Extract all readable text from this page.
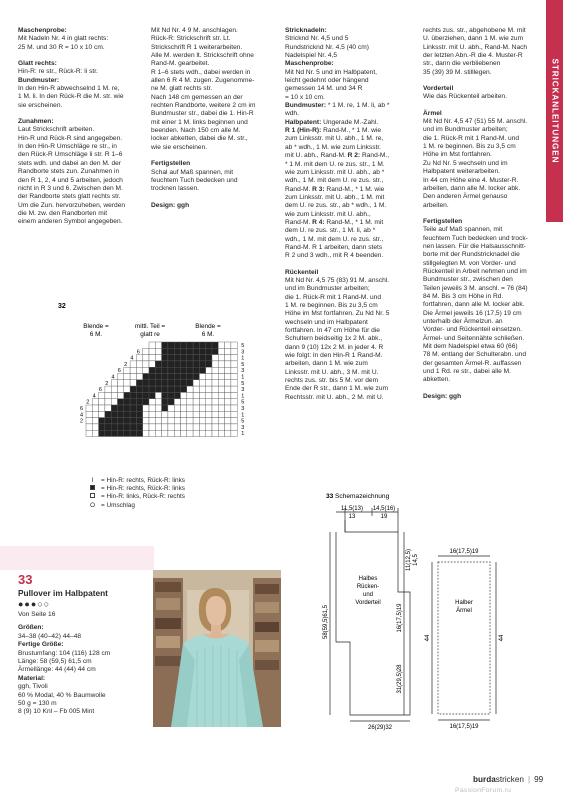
STRICKANLEITUNGEN

Maschenprobe:

Mit Nadeln Nr. 4 in glatt rechts:

25 M. und 30 R = 10 x 10 cm.

Glatt rechts:

Hin-R: re str., Rück-R: li str.

Bundmuster:

In den Hin-R abwechselnd 1 M. re,

1 M. li. In den Rück-R die M. str. wie

sie erscheinen.

Zunahmen:

Laut Strickschrift arbeiten.

Hin-R und Rück-R sind angegeben.

In den Hin-R Umschläge re str., in

den Rück-R Umschläge li str. R 1–6

stets wdh. und dabei an den M. der

Randborte stets zun. Zunahmen in

den R 1, 2, 4 und 5 arbeiten, jedoch

nicht in R 3 und 6. Zwischen den M.

der Randborte stets glatt rechts str.

Um die Zun. hervorzuheben, werden

die M. zw. den Randborten mit

einem anderen Symbol angegeben.

Mit Nd Nr. 4 9 M. anschlagen.

Rück-R: Strickschrift str. Lt.

Strickschrift R 1 weiterarbeiten.

Alle M. werden lt. Strickschrift ohne

Rand-M. gearbeitet.

R 1–6 stets wdh., dabei werden in

allen 6 R 4 M. zugen. Zugenomme-

ne M. glatt rechts str.

Nach 148 cm gemessen an der

rechten Randborte, weitere 2 cm im

Bundmuster str., dabei die 1. Hin-R

mit einer 1 M. links beginnen und

beenden. Nach 150 cm alle M.

locker abketten, dabei die M. str.,

wie sie erscheinen.

Fertigstellen

Schal auf Maß spannen, mit

feuchtem Tuch bedecken und

trocknen lassen.

Design: ggh

Stricknadeln:

Stricknd Nr. 4,5 und 5

Rundstricknd Nr. 4,5 (40 cm)

Nadelspiel Nr. 4,5

Maschenprobe:

Mit Nd Nr. 5 und im Halbpatent,

leicht gedehnt oder hängend

gemessen 14 M. und 34 R

= 10 x 10 cm.

Bundmuster: * 1 M. re, 1 M. li, ab *

wdh.

Halbpatent: Ungerade M.-Zahl.

R 1 (Hin-R): Rand-M., * 1 M. wie

zum Linksstr. mit U. abh., 1 M. re,

ab * wdh., 1 M. wie zum Linksstr.

mit U. abh., Rand-M. R 2: Rand-M.,

* 1 M. mit dem U. re zus. str., 1 M.

wie zum Linksstr. mit U. abh., ab *

wdh., 1 M. mit dem U. re zus. str.,

Rand-M. R 3: Rand-M., * 1 M. wie

zum Linksstr. mit U. abh., 1 M. mit

dem U. re zus. str., ab * wdh., 1 M.

wie zum Linksstr. mit U. abh.,

Rand-M. R 4: Rand-M., * 1 M. mit

dem U. re zus. str., 1 M. li, ab *

wdh., 1 M. mit dem U. re zus. str.,

Rand-M. R 1 arbeiten, dann stets

R 2 und 3 wdh., mit R 4 beenden.

Rückenteil

Mit Nd Nr. 4,5 75 (83) 91 M. anschl.

und im Bundmuster arbeiten;

die 1. Rück-R mit 1 Rand-M. und

1 M. re beginnen. Bis zu 3,5 cm

Höhe im Mst fortfahren. Zu Nd Nr. 5

wechseln und im Halbpatent

fortfahren. In 47 cm Höhe für die

Schultern beidseitig 1x 2 M. abk.,

dann 9 (10) 12x 2 M. in jeder 4. R

wie folgt: In den Hin-R 1 Rand-M.

arbeiten, dann 1 M. wie zum

Linksstr. mit U. abh., 3 M. mit U.

rechts zus. str. bis 5 M. vor dem

Ende der R str., dann 1 M. wie zum

Rechtsstr. mit U. abh., 2 M. mit U.

rechts zus. str., abgehobene M. mit

U. überziehen, dann 1 M. wie zum

Linksstr. mit U. abh., Rand-M. Nach

der letzten Abn.-R die 4. Muster-R

str., dann die verbliebenen

35 (39) 39 M. stilllegen.

Vorderteil

Wie das Rückenteil arbeiten.

Ärmel

Mit Nd Nr. 4,5 47 (51) 55 M. anschl.

und im Bundmuster arbeiten;

die 1. Rück-R mit 1 Rand-M. und

1 M. re beginnen. Bis zu 3,5 cm

Höhe im Mst fortfahren.

Zu Nd Nr. 5 wechseln und im

Halbpatent weiterarbeiten.

In 44 cm Höhe eine 4. Muster-R.

arbeiten, dann alle M. locker abk.

Den anderen Ärmel genauso

arbeiten.

Fertigstellen

Teile auf Maß spannen, mit

feuchtem Tuch bedecken und trock-

nen lassen. Für die Halsausschnitt-

borte mit der Rundstricknadel die

stillgelegten M. von Vorder- und

Rückenteil in Arbeit nehmen und im

Bundmuster str., zwischen den

Teilen jeweils 3 M. anschl. = 76 (84)

84 M. Bis 3 cm Höhe in Rd.

fortfahren, dann alle M. locker abk.

Die Ärmel jeweils 16 (17,5) 19 cm

unterhalb der Ärmelzun. an

Vorder- und Rückenteil einsetzen.

Ärmel- und Seitennähte schließen.

Mit dem Nadelspiel etwa 60 (66)

78 M. entlang der Schulterabn. und

der gesamten Ärmel-R. auffassen

und 1 Rd. re str., dabei alle M.

abketten.

Design: ggh

32
Blende =
6 M.
mittl. Teil =
glatt re
Blende =
6 M.
5
3
1
5
3
1
5
3
1
5
3
1
5
3
1
6
4
2
6
4
2
6
4
2
6
4
2
I	= Hin-R: rechts, Rück-R: links
= Hin-R: rechts, Rück-R: links
= Hin-R: links, Rück-R: rechts
O = Umschlag
33
Pullover im Halbpatent
●●●○○

Von Seite 16

Größen:

34–38 (40–42) 44–48

Fertige Größe:

Brustumfang: 104 (116) 128 cm

Länge: 58 (59,5) 61,5 cm

Ärmellänge: 44 (44) 44 cm

Material:

ggh, Tivoli

60 % Modal, 40 % Baumwolle

50 g = 130 m

8 (9) 10 Knl – Fb 005 Mint

33 Schemazeichnung
11,5(13)
13
14,5(16)
19
11(12,5) 14,5
58(59,5)61,5	16(17,5)19
31(29,5)28
Halbes
Rücken-
und
Vorderteil
26(29)32
16(17,5)19
44	44
Halber
Ärmel
16(17,5)19
burdastricken | 99
PassionForum.ru
